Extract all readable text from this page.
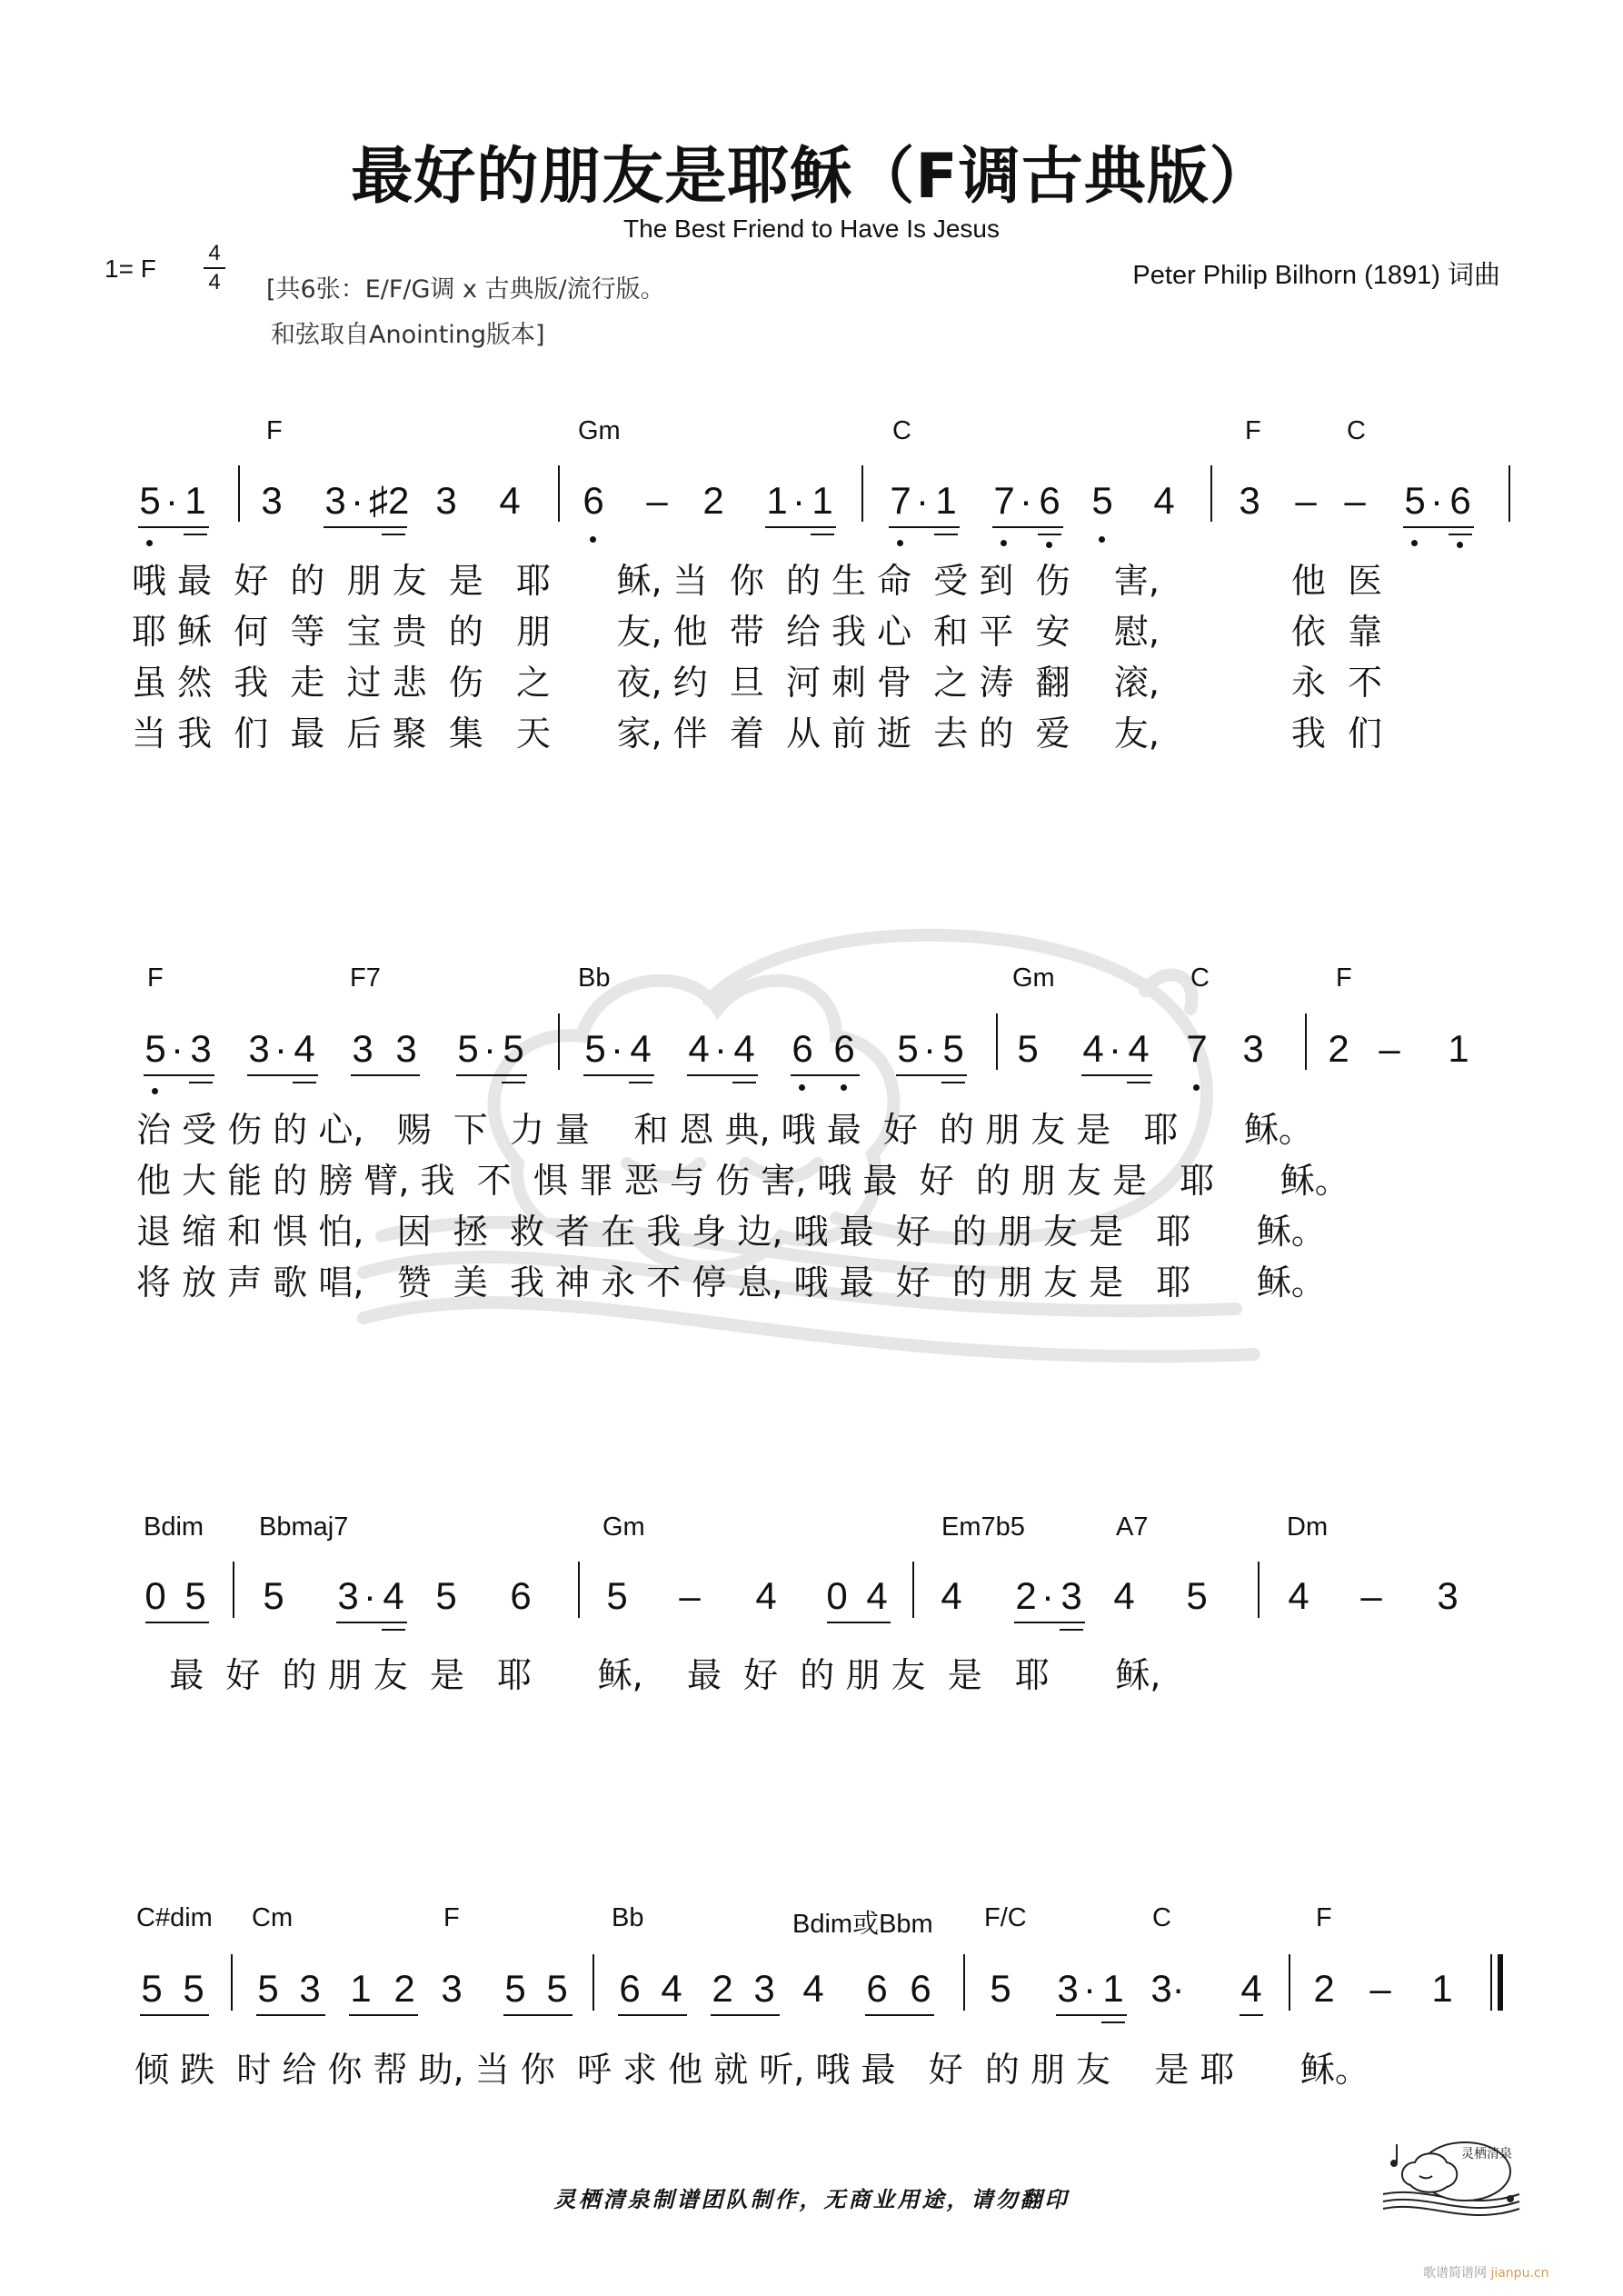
最好的朋友是耶稣（F调古典版）
The Best Friend to Have Is Jesus
1= F
4
4 [共6张：E/F/G调 x 古典版/流行版。
和弦取自Anointing版本]
Peter Philip Bilhorn (1891) 词曲
F	Gm	C	F	C
5 · 1 3 3 · ♯2 3 4 6 – 2 1 · 1 7 · 1 7 · 6 5 4 3 – – 5 · 6
哦 最  好  的  朋 友  是   耶      稣, 当  你  的 生 命  受 到  伤    害,            他  医
耶 稣  何  等  宝 贵  的   朋      友, 他  带  给 我 心  和 平  安    慰,            依  靠
虽 然  我  走  过 悲  伤   之      夜, 约  旦  河 刺 骨  之 涛  翻    滚,            永  不
当 我  们  最  后 聚  集   天      家, 伴  着  从 前 逝  去 的  爱    友,            我  们
F	F7	Bb	Gm	C	F
5 · 3 3 · 4 3 3 5 · 5 5 · 4 4 · 4 6 6 5 · 5 5 4 · 4 7 3 2 – 1
治 受 伤 的 心,   赐  下  力 量    和 恩 典, 哦 最  好  的 朋 友 是   耶      稣。
他 大 能 的 膀 臂, 我  不  惧 罪 恶 与 伤 害, 哦 最  好  的 朋 友 是   耶      稣。
退 缩 和 惧 怕,   因  拯  救 者 在 我 身 边, 哦 最  好  的 朋 友 是   耶      稣。
将 放 声 歌 唱,   赞  美  我 神 永 不 停 息, 哦 最  好  的 朋 友 是   耶      稣。
Bdim Bbmaj7	Gm	Em7b5	A7	Dm
0 5 5 3 · 4 5 6 5 – 4 0 4 4 2 · 3 4 5 4 – 3
最  好  的 朋 友  是   耶      稣,    最  好  的 朋 友  是   耶      稣,
C#dim Cm	F	Bb	Bdim或Bbm F/C	C	F
5 5 5 3 1 2 3 5 5 6 4 2 3 4 6 6 5 3 · 1 3· 4 2 – 1
倾 跌  时 给 你 帮 助, 当 你  呼 求 他 就 听, 哦 最   好  的 朋 友    是 耶      稣。
灵栖清泉制谱团队制作，无商业用途，请勿翻印
灵栖清泉
歌谱简谱网 jianpu.cn
